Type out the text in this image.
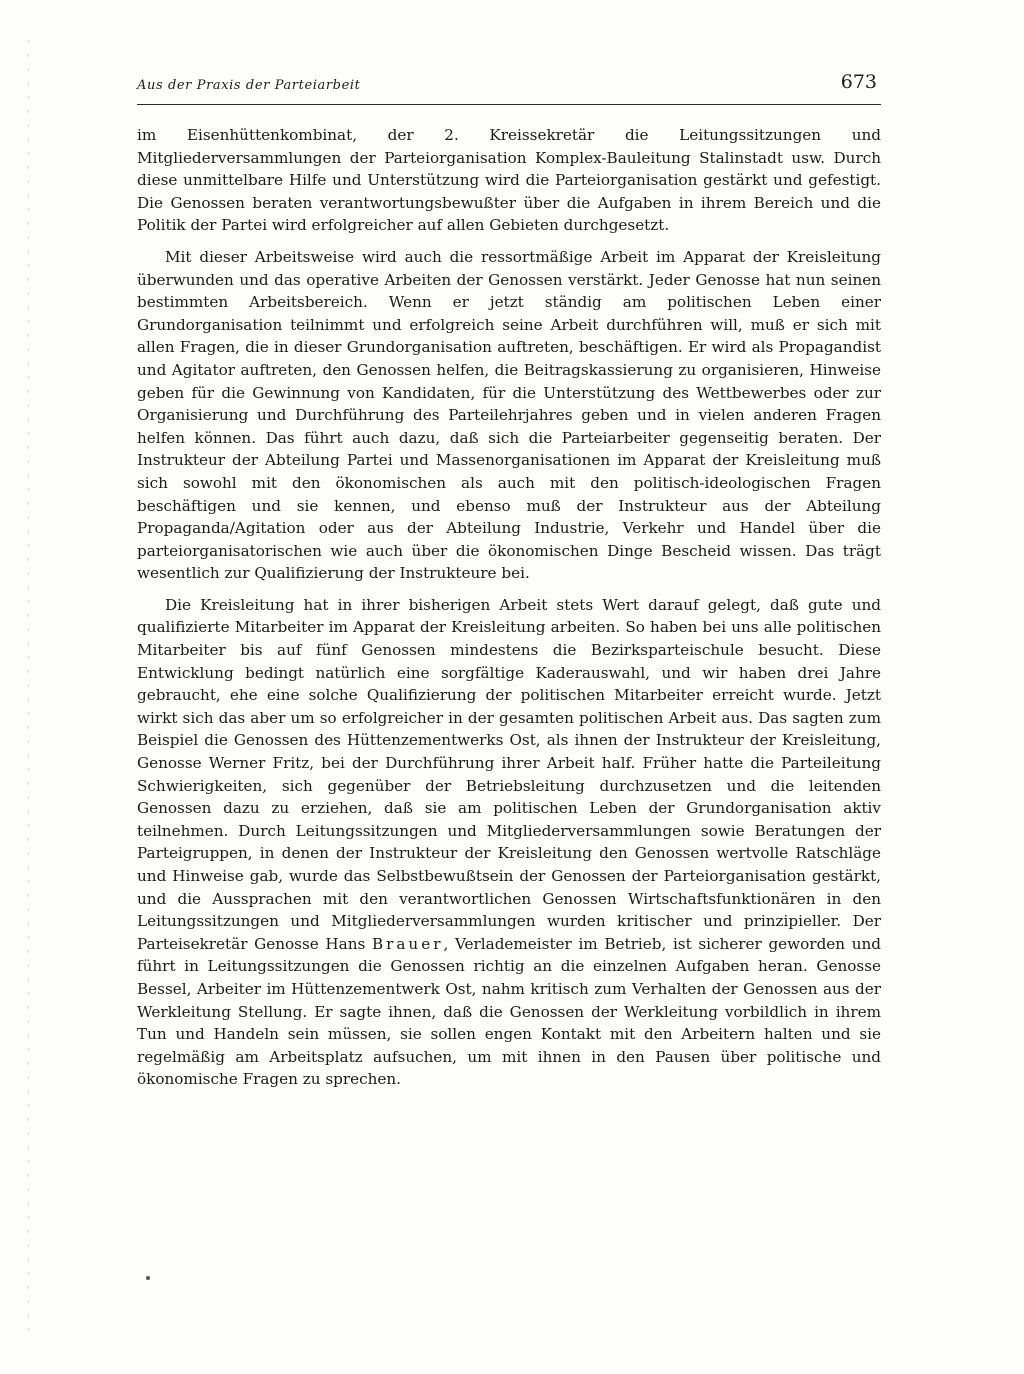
Aus der Praxis der Parteiarbeit	673

im Eisenhüttenkombinat, der 2. Kreissekretär die Leitungssitzungen und Mitgliederversammlungen der Parteiorganisation Komplex-Bauleitung Stalinstadt usw. Durch diese unmittelbare Hilfe und Unterstützung wird die Parteiorganisation gestärkt und gefestigt. Die Genossen beraten verantwortungsbewußter über die Aufgaben in ihrem Bereich und die Politik der Partei wird erfolgreicher auf allen Gebieten durchgesetzt.

Mit dieser Arbeitsweise wird auch die ressortmäßige Arbeit im Apparat der Kreisleitung überwunden und das operative Arbeiten der Genossen verstärkt. Jeder Genosse hat nun seinen bestimmten Arbeitsbereich. Wenn er jetzt ständig am politischen Leben einer Grundorganisation teilnimmt und erfolgreich seine Arbeit durchführen will, muß er sich mit allen Fragen, die in dieser Grundorganisation auftreten, beschäftigen. Er wird als Propagandist und Agitator auftreten, den Genossen helfen, die Beitragskassierung zu organisieren, Hinweise geben für die Gewinnung von Kandidaten, für die Unterstützung des Wettbewerbes oder zur Organisierung und Durchführung des Parteilehrjahres geben und in vielen anderen Fragen helfen können. Das führt auch dazu, daß sich die Parteiarbeiter gegenseitig beraten. Der Instrukteur der Abteilung Partei und Massenorganisationen im Apparat der Kreisleitung muß sich sowohl mit den ökonomischen als auch mit den politisch-ideologischen Fragen beschäftigen und sie kennen, und ebenso muß der Instrukteur aus der Abteilung Propaganda/Agitation oder aus der Abteilung Industrie, Verkehr und Handel über die parteiorganisatorischen wie auch über die ökonomischen Dinge Bescheid wissen. Das trägt wesentlich zur Qualifizierung der Instrukteure bei.

Die Kreisleitung hat in ihrer bisherigen Arbeit stets Wert darauf gelegt, daß gute und qualifizierte Mitarbeiter im Apparat der Kreisleitung arbeiten. So haben bei uns alle politischen Mitarbeiter bis auf fünf Genossen mindestens die Bezirksparteischule besucht. Diese Entwicklung bedingt natürlich eine sorgfältige Kaderauswahl, und wir haben drei Jahre gebraucht, ehe eine solche Qualifizierung der politischen Mitarbeiter erreicht wurde. Jetzt wirkt sich das aber um so erfolgreicher in der gesamten politischen Arbeit aus. Das sagten zum Beispiel die Genossen des Hüttenzementwerks Ost, als ihnen der Instrukteur der Kreisleitung, Genosse Werner Fritz, bei der Durchführung ihrer Arbeit half. Früher hatte die Parteileitung Schwierigkeiten, sich gegenüber der Betriebsleitung durchzusetzen und die leitenden Genossen dazu zu erziehen, daß sie am politischen Leben der Grundorganisation aktiv teilnehmen. Durch Leitungssitzungen und Mitgliederversammlungen sowie Beratungen der Parteigruppen, in denen der Instrukteur der Kreisleitung den Genossen wertvolle Ratschläge und Hinweise gab, wurde das Selbstbewußtsein der Genossen der Parteiorganisation gestärkt, und die Aussprachen mit den verantwortlichen Genossen Wirtschaftsfunktionären in den Leitungssitzungen und Mitgliederversammlungen wurden kritischer und prinzipieller. Der Parteisekretär Genosse Hans Brauer, Verlademeister im Betrieb, ist sicherer geworden und führt in Leitungssitzungen die Genossen richtig an die einzelnen Aufgaben heran. Genosse Bessel, Arbeiter im Hüttenzementwerk Ost, nahm kritisch zum Verhalten der Genossen aus der Werkleitung Stellung. Er sagte ihnen, daß die Genossen der Werkleitung vorbildlich in ihrem Tun und Handeln sein müssen, sie sollen engen Kontakt mit den Arbeitern halten und sie regelmäßig am Arbeitsplatz aufsuchen, um mit ihnen in den Pausen über politische und ökonomische Fragen zu sprechen.
